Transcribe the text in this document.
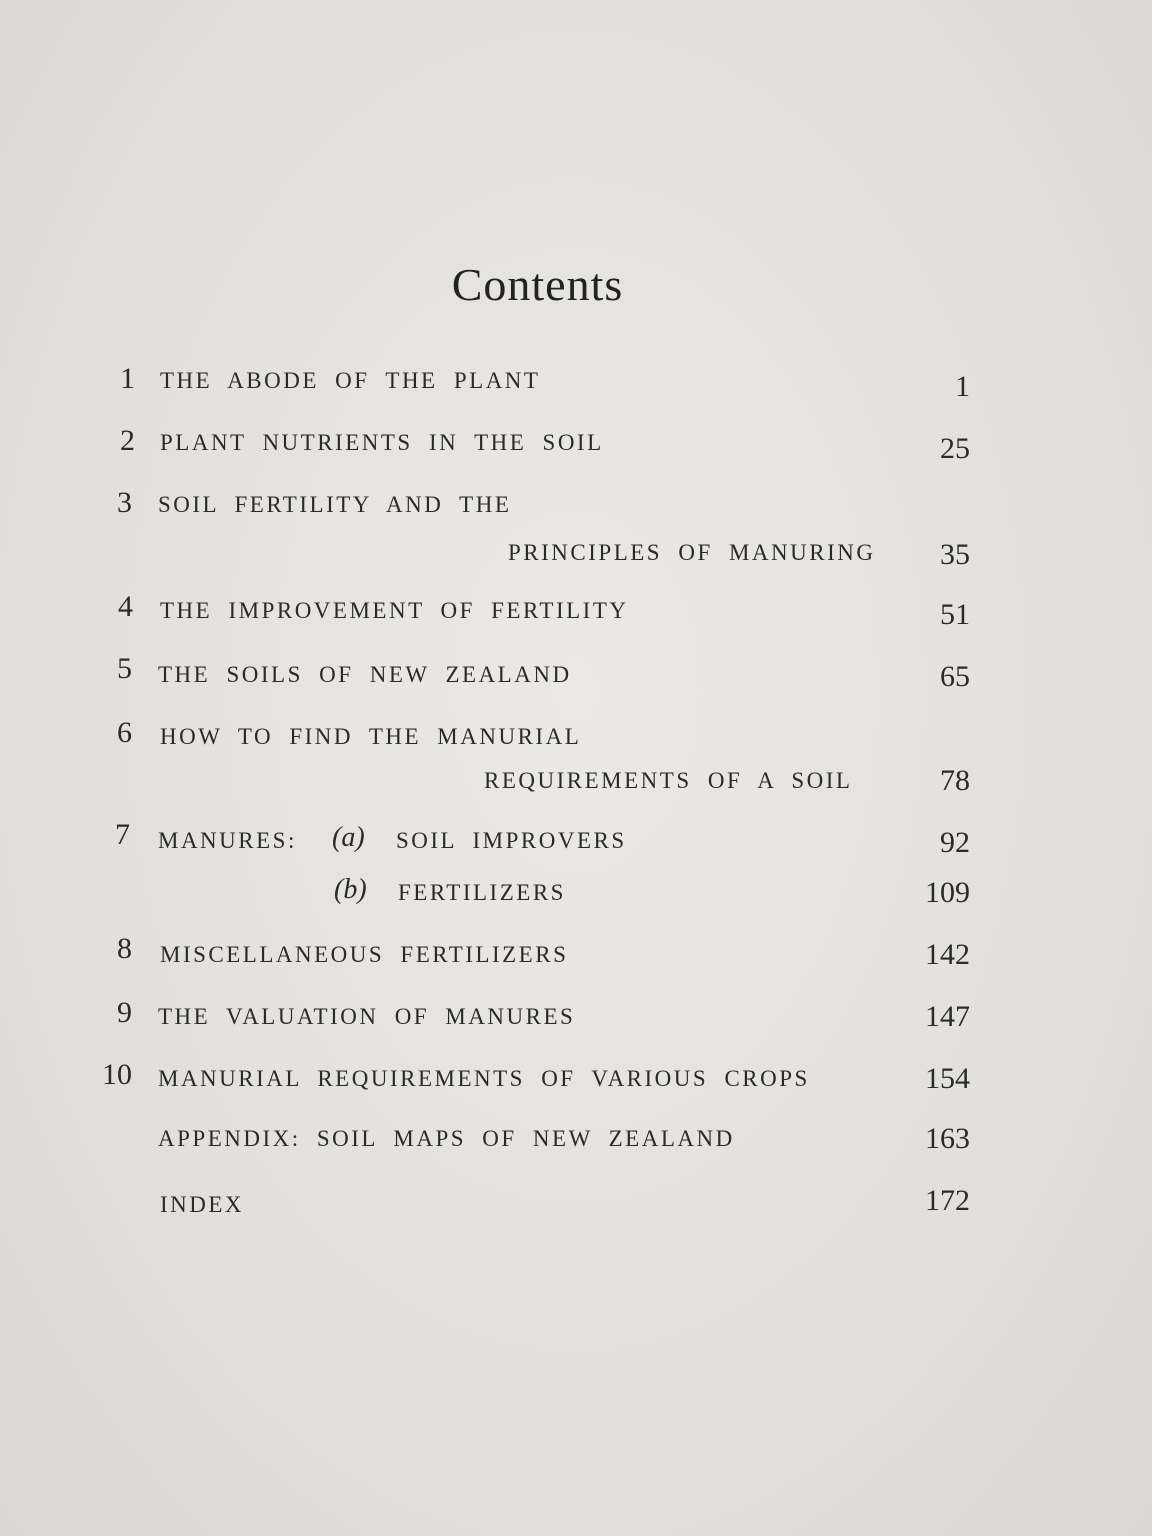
Contents
1 THE ABODE OF THE PLANT	1
2 PLANT NUTRIENTS IN THE SOIL	25
3 SOIL FERTILITY AND THE
PRINCIPLES OF MANURING	35
4 THE IMPROVEMENT OF FERTILITY	51
5 THE SOILS OF NEW ZEALAND	65
6 HOW TO FIND THE MANURIAL
REQUIREMENTS OF A SOIL	78
7 MANURES: (a) SOIL IMPROVERS	92
(b) FERTILIZERS	109
8 MISCELLANEOUS FERTILIZERS	142
9 THE VALUATION OF MANURES	147
10 MANURIAL REQUIREMENTS OF VARIOUS CROPS	154
APPENDIX: SOIL MAPS OF NEW ZEALAND	163
INDEX	172
